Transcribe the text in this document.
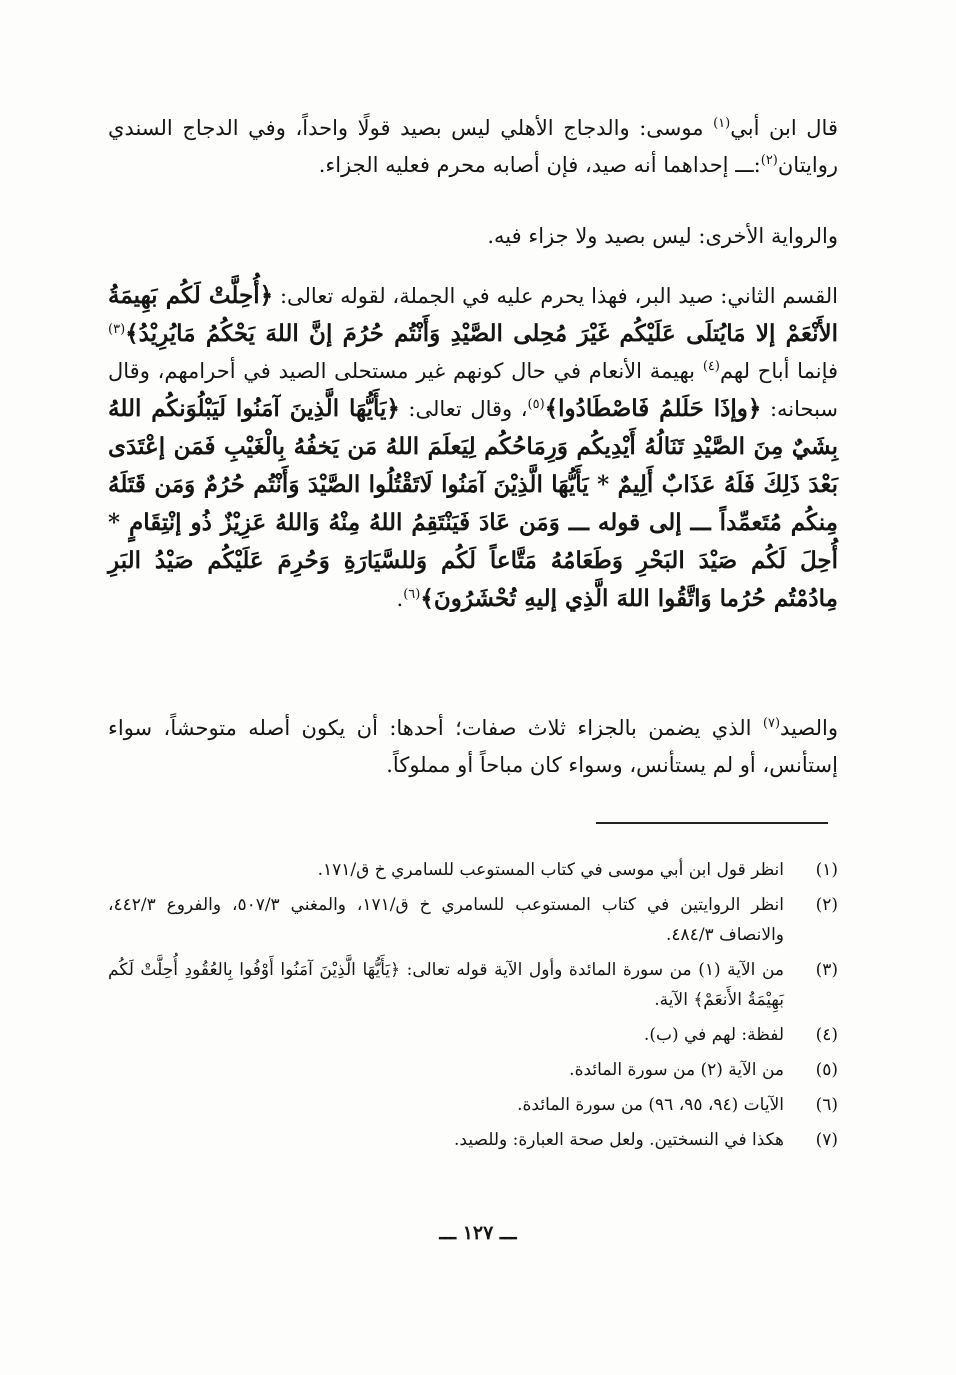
قال ابن أبي$^{(١)}$ موسى: والدجاج الأهلي ليس بصيد قولًا واحداً، وفي الدجاج السندي روايتان$^{(٢)}$:ـــ إحداهما أنه صيد، فإن أصابه محرم فعليه الجزاء.

والرواية الأخرى: ليس بصيد ولا جزاء فيه.

القسم الثاني: صيد البر، فهذا يحرم عليه في الجملة، لقوله تعالى: ﴿أُحِلَّتْ لَكُم بَهِيمَةُ الأَنْعَمْ إلا مَايُتلَى عَلَيْكُم غَيْرَ مُحِلى الصَّيْدِ وَأَنْتُم حُرُمَ إنَّ اللهَ يَحْكُمُ مَايُرِيْدُ﴾$^{(٣)}$ فإنما أباح لهم$^{(٤)}$ بهيمة الأنعام في حال كونهم غير مستحلى الصيد في أحرامهم، وقال سبحانه: ﴿وإذَا حَلَلمُ فَاصْطَادُوا﴾$^{(٥)}$، وقال تعالى: ﴿يَأَيُّهَا الَّذِينَ آمَنُوا لَيَبْلُوَنكُم اللهُ بِشَيٌ مِنَ الصَّيْدِ تَنَالُهُ أَيْدِيكُم وَرِمَاحُكُم لِيَعلَمَ اللهُ مَن يَخفُهُ بِالْغَيْبِ فَمَن إعْتَدَى بَعْدَ ذَلِكَ فَلَهُ عَذَابٌ أَلِيمٌ * يَأَيُّهَا الَّذِيْنَ آمَنُوا لَاتَقْتُلُوا الصَّيْدَ وَأَنْتُم حُرُمٌ وَمَن قَتَلَهُ مِنكُم مُتَعمِّداً ـــ إلى قوله ـــ وَمَن عَادَ فَيَنْتَقِمُ اللهُ مِنْهُ وَاللهُ عَزِيْزٌ ذُو إنْتِقَامٍ * أُحِلَ لَكُم صَيْدَ البَحْرِ وَطَعَامُهُ مَتَّاعاً لَكُم وَللسَّيَارَةِ وَحُرِمَ عَلَيْكُم صَيْدُ البَرِ مِادُمْتُم حُرُما وَاتَّقُوا اللهَ الَّذِي إليهِ تُحْشَرُونَ﴾$^{(٦)}$.

والصيد$^{(٧)}$ الذي يضمن بالجزاء ثلاث صفات؛ أحدها: أن يكون أصله متوحشاً، سواء إستأنس، أو لم يستأنس، وسواء كان مباحاً أو مملوكاً.

(١)
انظر قول ابن أبي موسى في كتاب المستوعب للسامري خ ق/١٧١.
(٢)
انظر الروايتين في كتاب المستوعب للسامري خ ق/١٧١، والمغني ٥٠٧/٣، والفروع ٤٤٢/٣، والانصاف ٤٨٤/٣.
(٣)
من الآية (١) من سورة المائدة وأول الآية قوله تعالى: ﴿يَأَيُّهَا الَّذِيْنَ آمَنُوا أَوْفُوا بِالعُقُودِ أُحِلَّتْ لَكُم بَهِيْمَةُ الأَنعَمْ﴾ الآية.
(٤)
لفظة: لهم في (ب).
(٥)
من الآية (٢) من سورة المائدة.
(٦)
الآيات (٩٤، ٩٥، ٩٦) من سورة المائدة.
(٧)
هكذا في النسختين. ولعل صحة العبارة: وللصيد.
ـــ ١٢٧ ـــ
